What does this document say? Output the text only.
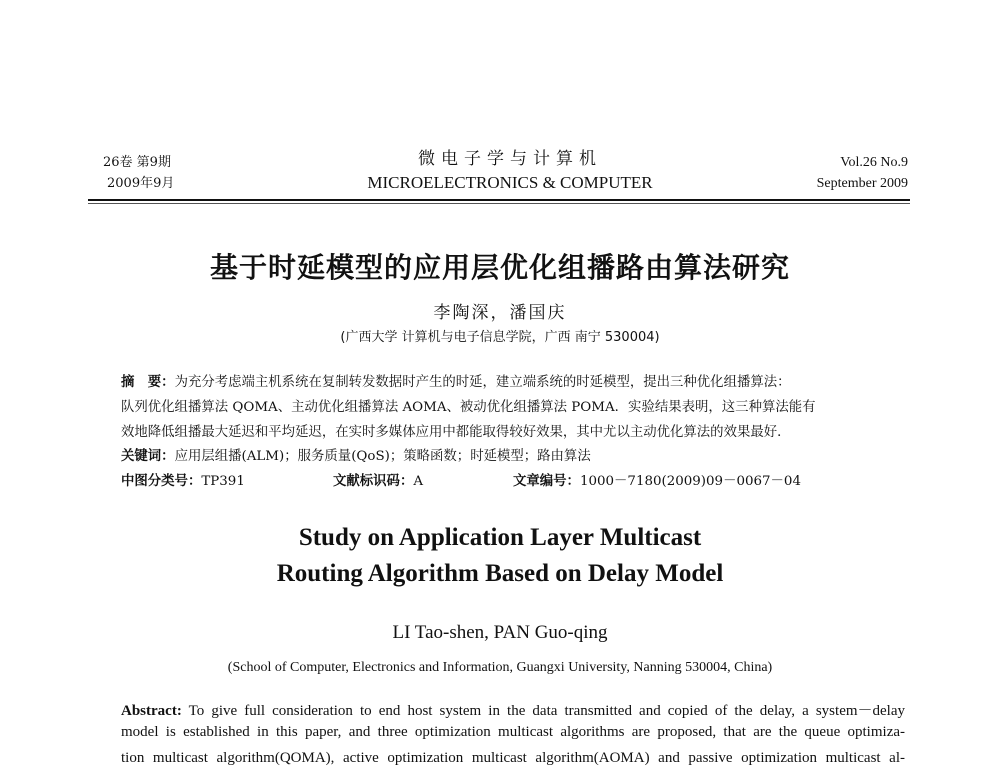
26卷 第9期
2009年9月
微电子学与计算机
MICROELECTRONICS & COMPUTER
Vol.26 No.9
September 2009
基于时延模型的应用层优化组播路由算法研究
李陶深，潘国庆
(广西大学 计算机与电子信息学院，广西 南宁 530004)
摘　要：为充分考虑端主机系统在复制转发数据时产生的时延，建立端系统的时延模型，提出三种优化组播算法：
队列优化组播算法 QOMA、主动优化组播算法 AOMA、被动优化组播算法 POMA．实验结果表明，这三种算法能有
效地降低组播最大延迟和平均延迟，在实时多媒体应用中都能取得较好效果，其中尤以主动优化算法的效果最好．
关键词：应用层组播(ALM)；服务质量(QoS)；策略函数；时延模型；路由算法
中图分类号：TP391	文献标识码：A	文章编号：1000－7180(2009)09－0067－04
Study on Application Layer Multicast
Routing Algorithm Based on Delay Model
LI Tao-shen, PAN Guo-qing
(School of Computer, Electronics and Information, Guangxi University, Nanning 530004, China)
Abstract: To give full consideration to end host system in the data transmitted and copied of the delay, a system－delay
model is established in this paper, and three optimization multicast algorithms are proposed, that are the queue optimiza-
tion multicast algorithm(QOMA), active optimization multicast algorithm(AOMA) and passive optimization multicast al-
